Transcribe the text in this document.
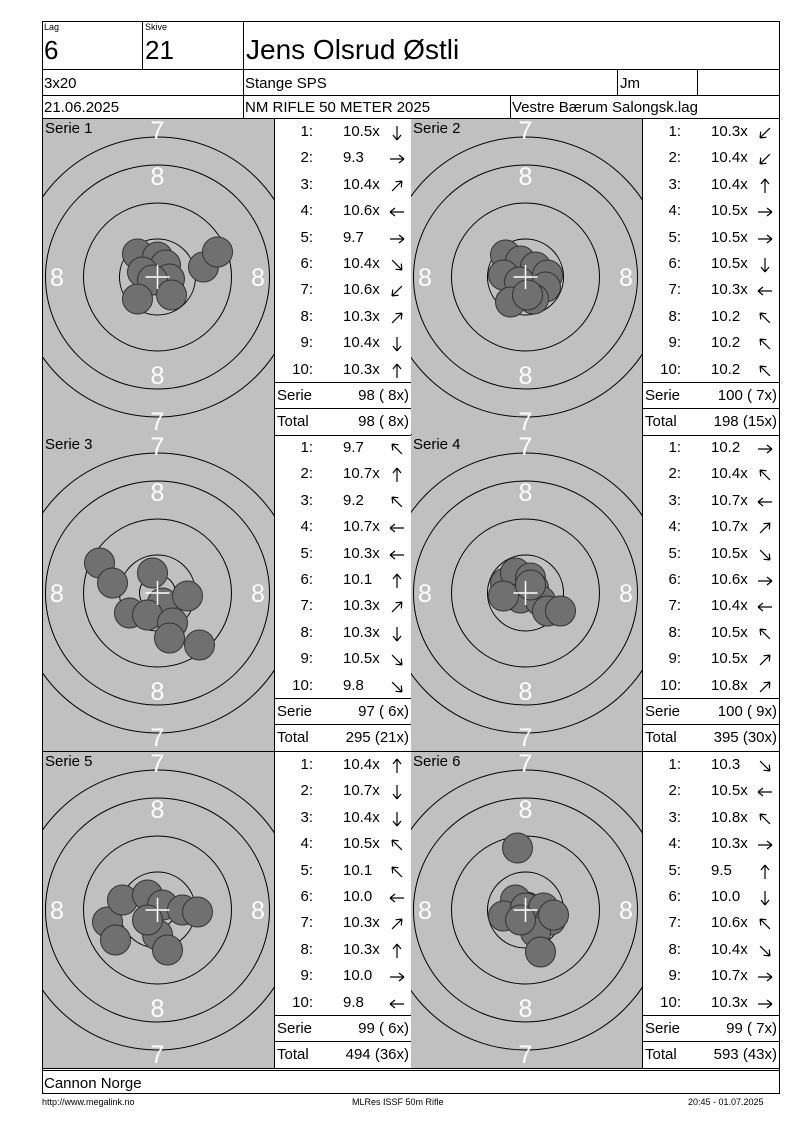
Lag
6
Skive
21	Jens Olsrud Østli
3x20	Stange SPS	Jm
21.06.2025	NM RIFLE 50 METER 2025	Vestre Bærum Salongsk.lag
7
8
8	8
8
7
Serie 1	1: 10.5x
2: 9.3
3: 10.4x
4: 10.6x
5: 9.7
6: 10.4x
7: 10.6x
8: 10.3x
9: 10.4x
10: 10.3x
Serie	98 ( 8x)
Total	98 ( 8x)
7
8
8	8
8
7
Serie 2	1: 10.3x
2: 10.4x
3: 10.4x
4: 10.5x
5: 10.5x
6: 10.5x
7: 10.3x
8: 10.2
9: 10.2
10: 10.2
Serie	100 ( 7x)
Total 198 (15x)
7
8
8	8
8
7
Serie 3	1: 9.7
2: 10.7x
3: 9.2
4: 10.7x
5: 10.3x
6: 10.1
7: 10.3x
8: 10.3x
9: 10.5x
10: 9.8
Serie	97 ( 6x)
Total 295 (21x)
7
8
8	8
8
7
Serie 4	1: 10.2
2: 10.4x
3: 10.7x
4: 10.7x
5: 10.5x
6: 10.6x
7: 10.4x
8: 10.5x
9: 10.5x
10: 10.8x
Serie	100 ( 9x)
Total 395 (30x)
7
8
8	8
8
7
Serie 5	1: 10.4x
2: 10.7x
3: 10.4x
4: 10.5x
5: 10.1
6: 10.0
7: 10.3x
8: 10.3x
9: 10.0
10: 9.8
Serie	99 ( 6x)
Total 494 (36x)
7
8
8	8
8
7
Serie 6	1: 10.3
2: 10.5x
3: 10.8x
4: 10.3x
5: 9.5
6: 10.0
7: 10.6x
8: 10.4x
9: 10.7x
10: 10.3x
Serie	99 ( 7x)
Total 593 (43x)
Cannon Norge
http://www.megalink.no	MLRes ISSF 50m Rifle	20:45 - 01.07.2025
